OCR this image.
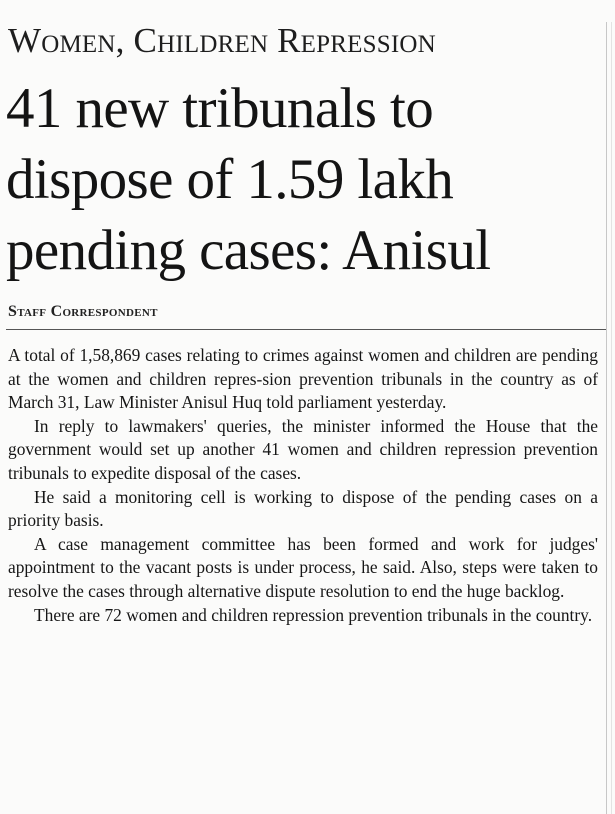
Women, Children Repression
41 new tribunals to dispose of 1.59 lakh pending cases: Anisul
Staff Correspondent

A total of 1,58,869 cases relating to crimes against women and children are pending at the women and children repres-sion prevention tribunals in the country as of March 31, Law Minister Anisul Huq told parliament yesterday.

In reply to lawmakers' queries, the minister informed the House that the government would set up another 41 women and children repression prevention tribunals to expedite disposal of the cases.

He said a monitoring cell is working to dispose of the pending cases on a priority basis.

A case management committee has been formed and work for judges' appointment to the vacant posts is under process, he said. Also, steps were taken to resolve the cases through alternative dispute resolution to end the huge backlog.

There are 72 women and children repression prevention tribunals in the country.
